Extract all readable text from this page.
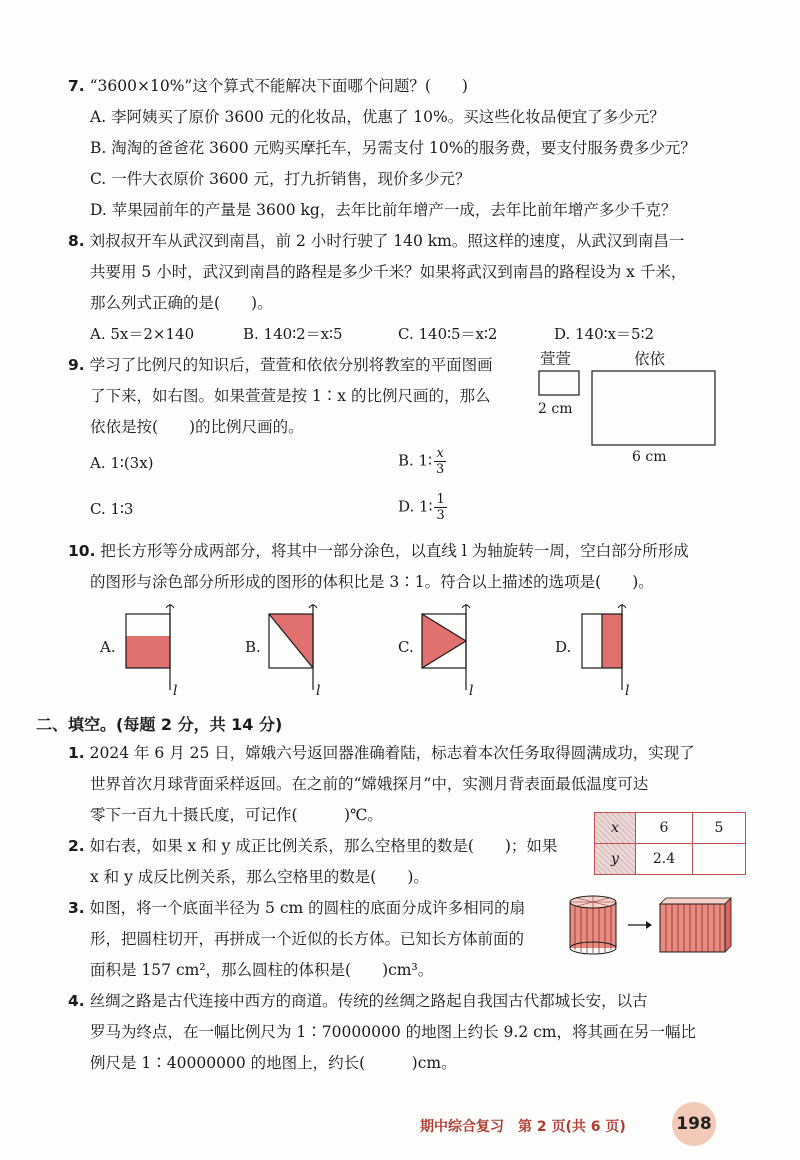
7. “3600×10%”这个算式不能解决下面哪个问题？(　　)
A. 李阿姨买了原价 3600 元的化妆品，优惠了 10%。买这些化妆品便宜了多少元？
B. 淘淘的爸爸花 3600 元购买摩托车，另需支付 10%的服务费，要支付服务费多少元？
C. 一件大衣原价 3600 元，打九折销售，现价多少元？
D. 苹果园前年的产量是 3600 kg，去年比前年增产一成，去年比前年增产多少千克？
8. 刘叔叔开车从武汉到南昌，前 2 小时行驶了 140 km。照这样的速度，从武汉到南昌一
共要用 5 小时，武汉到南昌的路程是多少千米？如果将武汉到南昌的路程设为 x 千米，
那么列式正确的是(　　)。
A. 5x＝2×140	B. 140∶2＝x∶5	C. 140∶5＝x∶2	D. 140∶x＝5∶2
9. 学习了比例尺的知识后，萱萱和依依分别将教室的平面图画
了下来，如右图。如果萱萱是按 1∶x 的比例尺画的，那么
依依是按(　　)的比例尺画的。
萱萱	依依
2 cm
6 cm
A. 1∶(3x)	B. 1∶ $\frac{x}{3}$
C. 1∶3	D. 1∶ $\frac{1}{3}$
10. 把长方形等分成两部分，将其中一部分涂色，以直线 l 为轴旋转一周，空白部分所形成
的图形与涂色部分所形成的图形的体积比是 3∶1。符合以上描述的选项是(　　)。
A.
l
B.
l
C.
l
D.
l
二、填空。(每题 2 分，共 14 分)
1. 2024 年 6 月 25 日，嫦娥六号返回器准确着陆，标志着本次任务取得圆满成功，实现了
世界首次月球背面采样返回。在之前的“嫦娥探月”中，实测月背表面最低温度可达
零下一百九十摄氏度，可记作(　　　)℃。
2. 如右表，如果 x 和 y 成正比例关系，那么空格里的数是(　　)；如果
x 和 y 成反比例关系，那么空格里的数是(　　)。
x	6	5
y	2.4	
3. 如图，将一个底面半径为 5 cm 的圆柱的底面分成许多相同的扇
形，把圆柱切开，再拼成一个近似的长方体。已知长方体前面的
面积是 157 cm²，那么圆柱的体积是(　　)cm³。
4. 丝绸之路是古代连接中西方的商道。传统的丝绸之路起自我国古代都城长安，以古
罗马为终点，在一幅比例尺为 1∶70000000 的地图上约长 9.2 cm，将其画在另一幅比
例尺是 1∶40000000 的地图上，约长(　　　)cm。
期中综合复习　第 2 页(共 6 页)	198
